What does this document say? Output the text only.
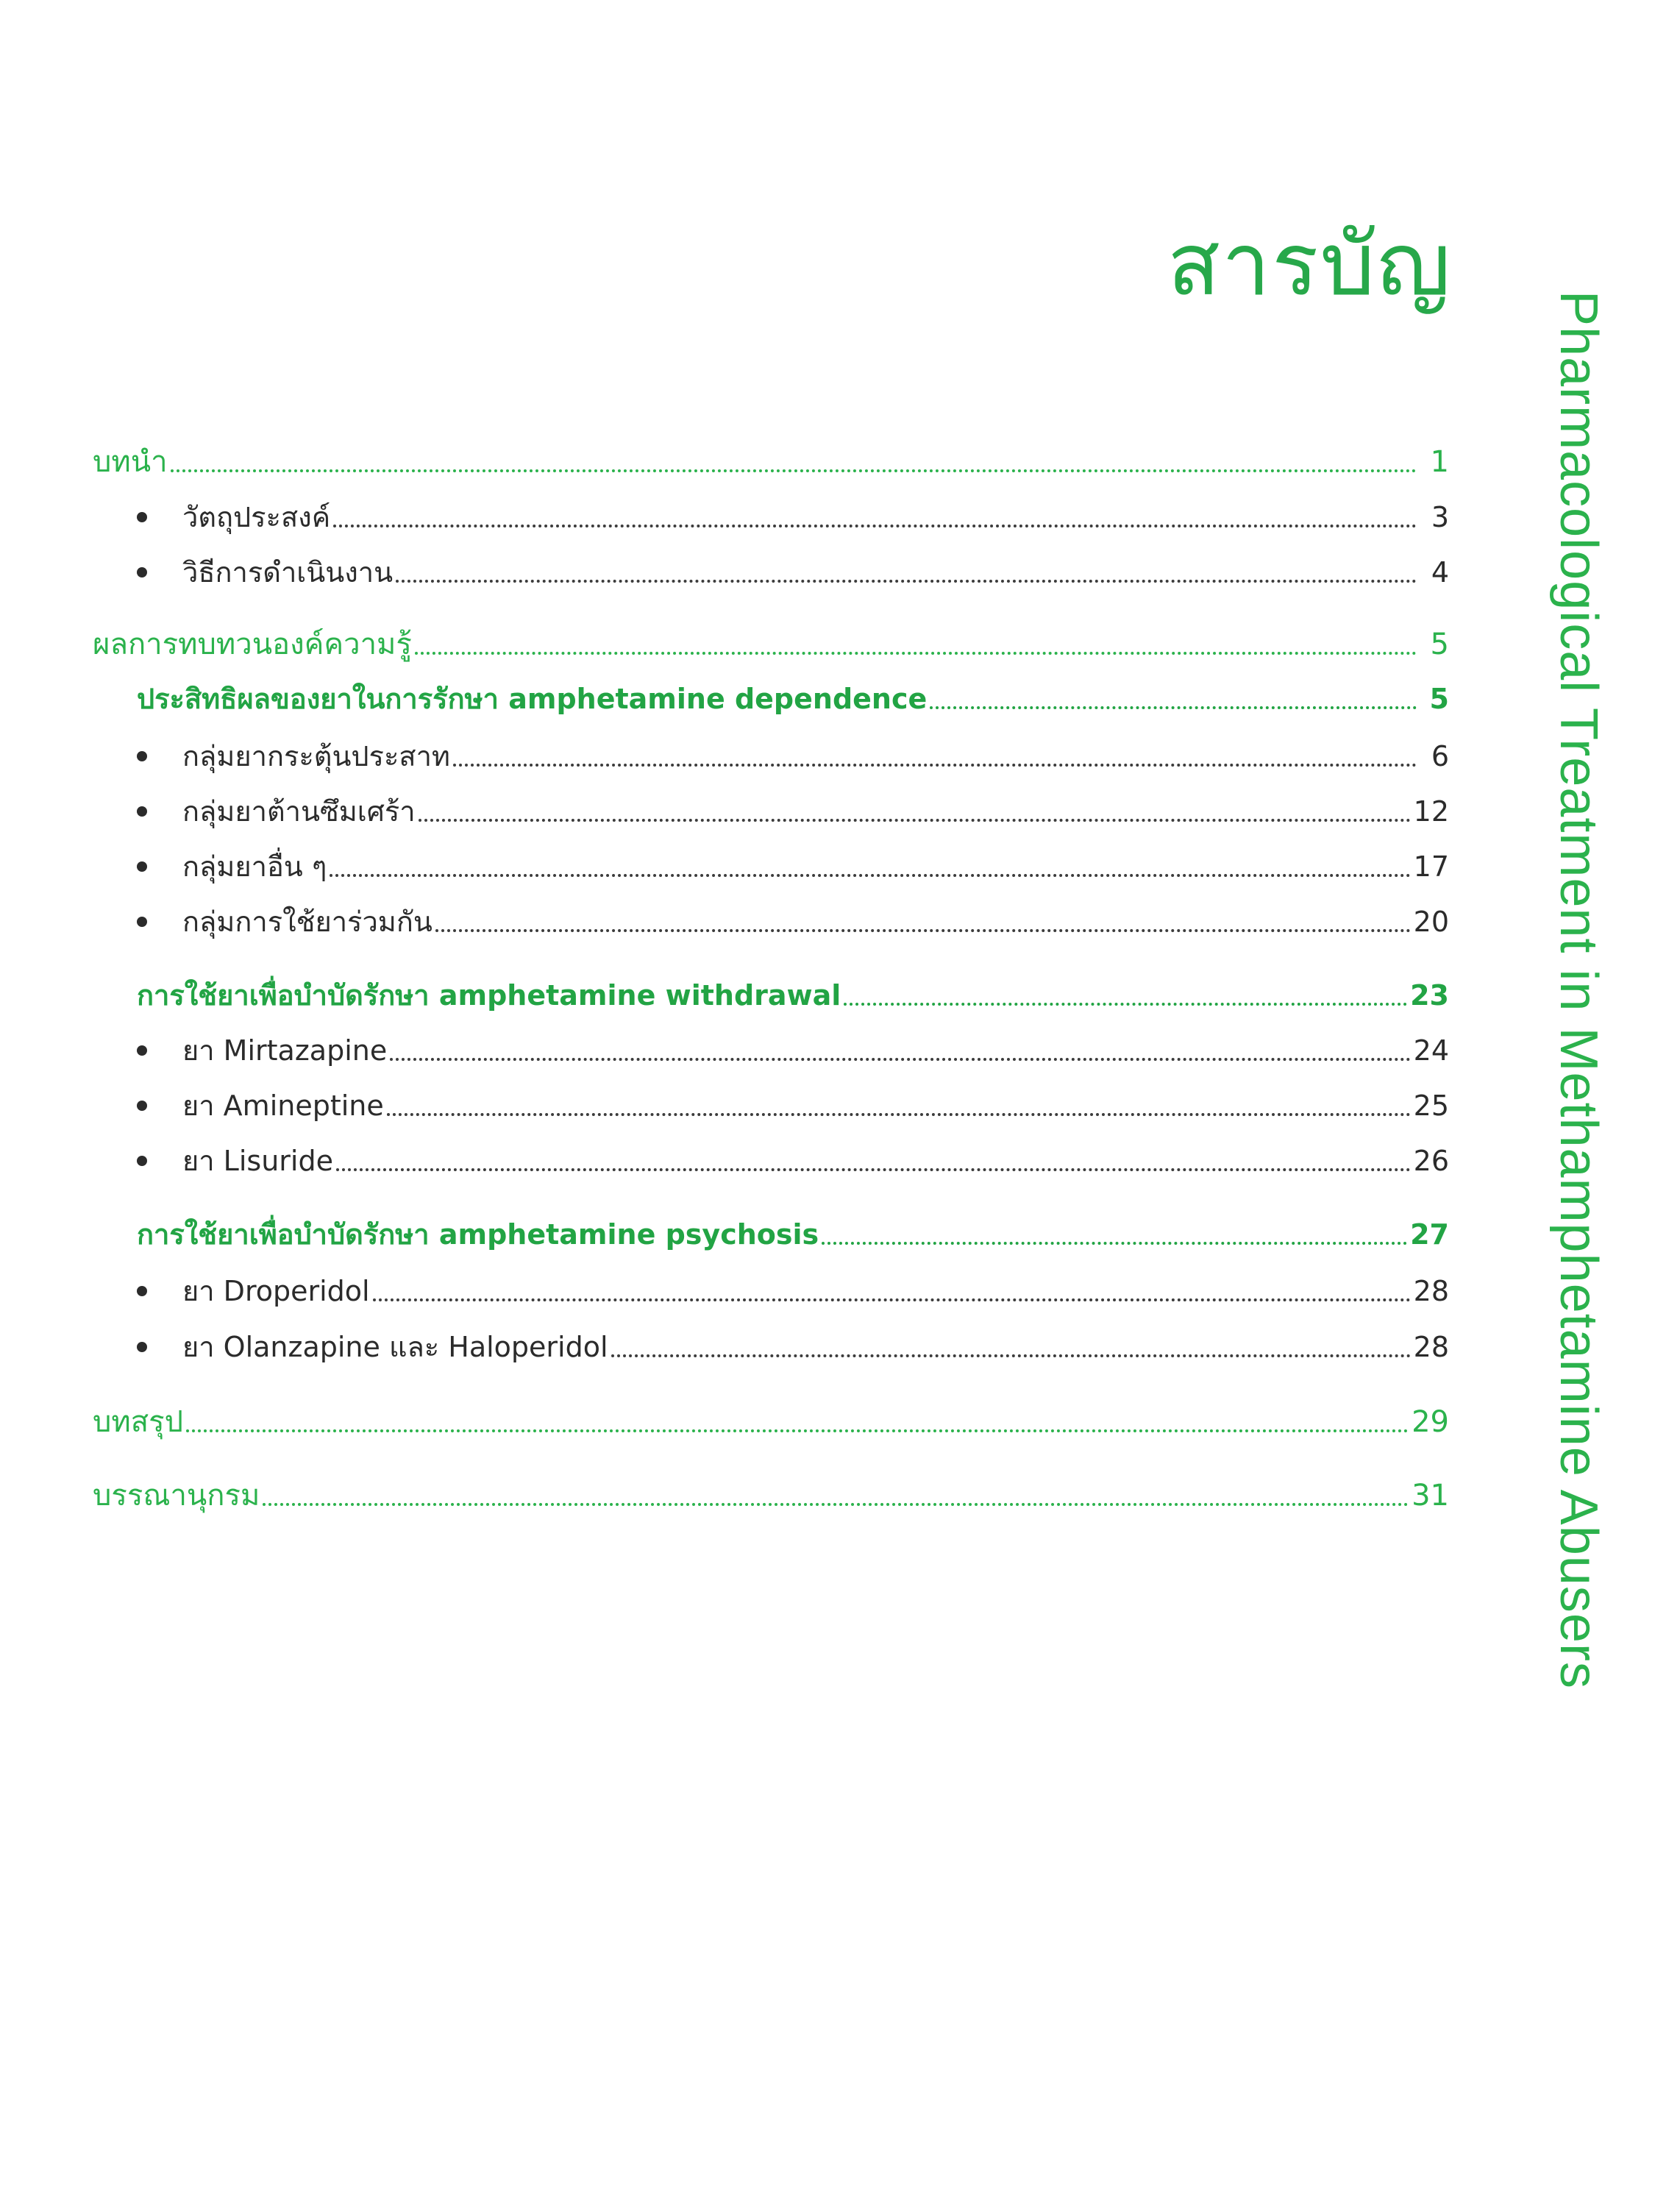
สารบัญ
Pharmacological Treatment in Methamphetamine Abusers
บทนำ	1
วัตถุประสงค์	3
วิธีการดำเนินงาน	4
ผลการทบทวนองค์ความรู้	5
ประสิทธิผลของยาในการรักษา amphetamine dependence	5
กลุ่มยากระตุ้นประสาท	6
กลุ่มยาต้านซึมเศร้า	12
กลุ่มยาอื่น ๆ	17
กลุ่มการใช้ยาร่วมกัน	20
การใช้ยาเพื่อบำบัดรักษา amphetamine withdrawal	23
ยา Mirtazapine	24
ยา Amineptine	25
ยา Lisuride	26
การใช้ยาเพื่อบำบัดรักษา amphetamine psychosis	27
ยา Droperidol	28
ยา Olanzapine และ Haloperidol	28
บทสรุป	29
บรรณานุกรม	31
